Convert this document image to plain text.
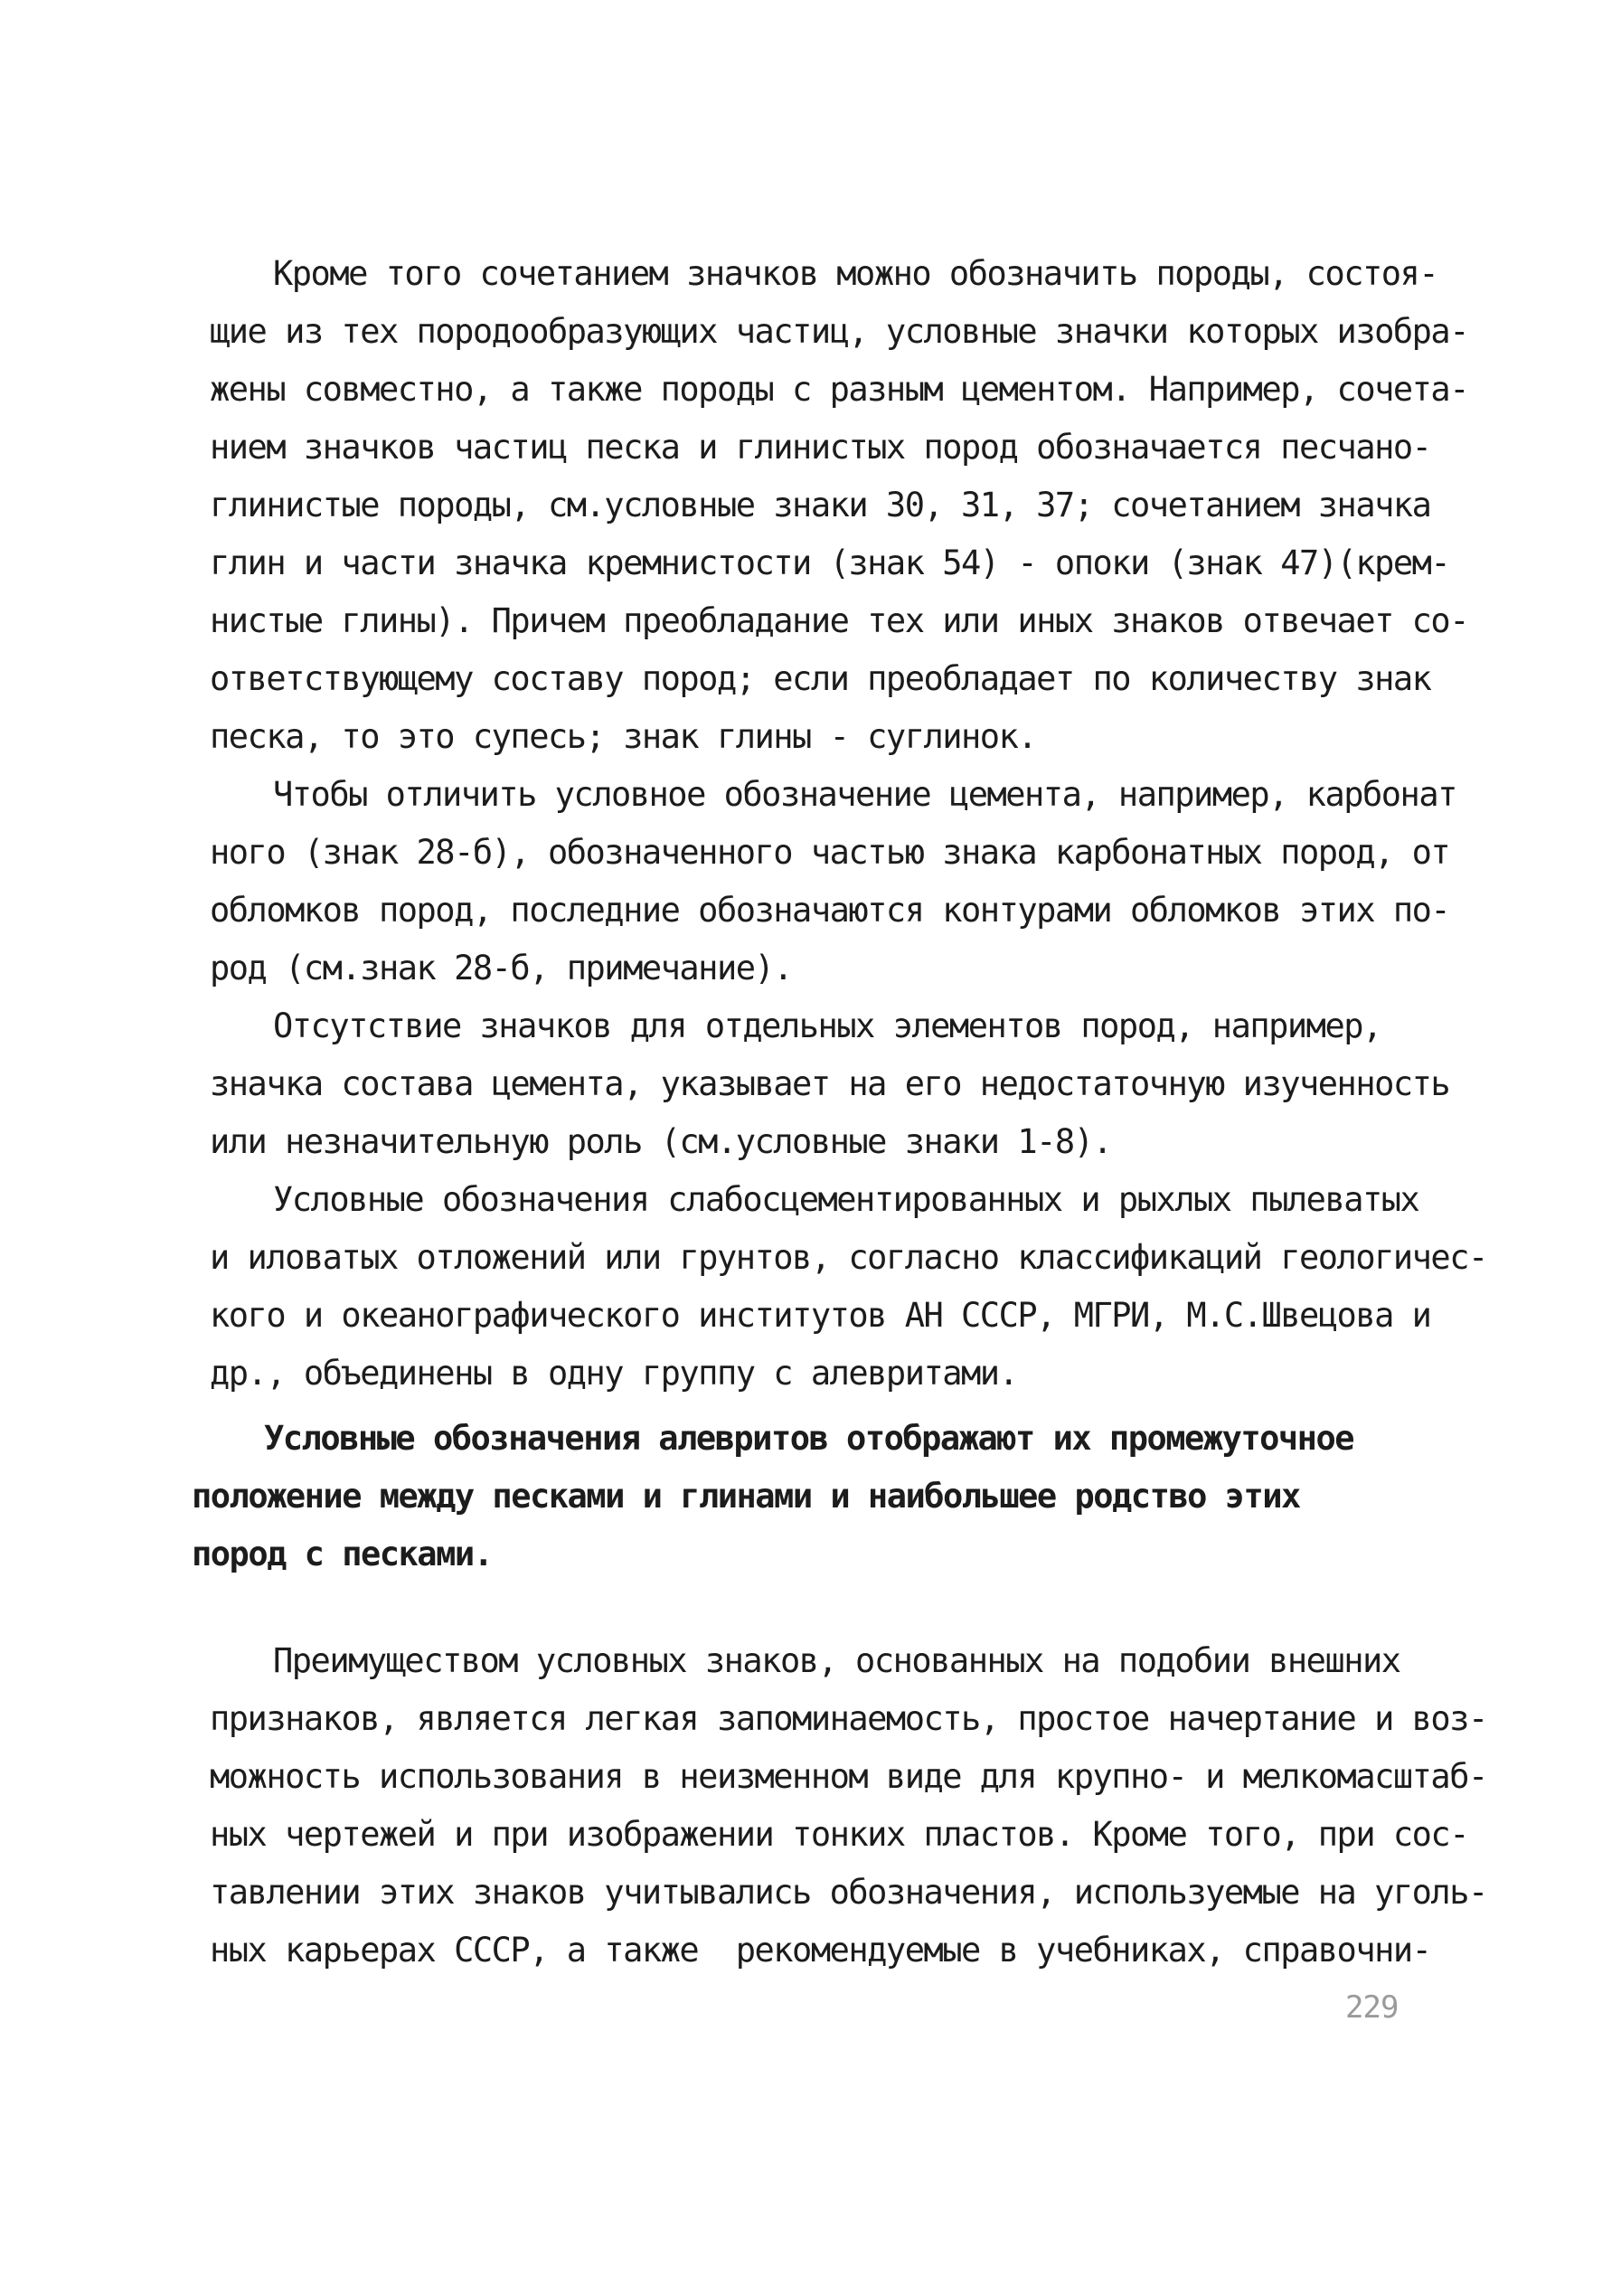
Кроме того сочетанием значков можно обозначить породы, состоя-
щие из тех породообразующих частиц, условные значки которых изобра-
жены совместно, а также породы с разным цементом. Например, сочета-
нием значков частиц песка и глинистых пород обозначается песчано-
глинистые породы, см.условные знаки 30, 31, 37; сочетанием значка
глин и части значка кремнистости (знак 54) - опоки (знак 47)(крем-
нистые глины). Причем преобладание тех или иных знаков отвечает со-
ответствующему составу пород; если преобладает по количеству знак
песка, то это супесь; знак глины - суглинок.
Чтобы отличить условное обозначение цемента, например, карбонат
ного (знак 28-б), обозначенного частью знака карбонатных пород, от
обломков пород, последние обозначаются контурами обломков этих по-
род (см.знак 28-б, примечание).
Отсутствие значков для отдельных элементов пород, например,
значка состава цемента, указывает на его недостаточную изученность
или незначительную роль (см.условные знаки 1-8).
Условные обозначения слабосцементированных и рыхлых пылеватых
и иловатых отложений или грунтов, согласно классификаций геологичес-
кого и океанографического институтов АН СССР, МГРИ, М.С.Швецова и
др., объединены в одну группу с алевритами.
Условные обозначения алевритов отображают их промежуточное
положение между песками и глинами и наибольшее родство этих
пород с песками.
Преимуществом условных знаков, основанных на подобии внешних
признаков, является легкая запоминаемость, простое начертание и воз-
можность использования в неизменном виде для крупно- и мелкомасштаб-
ных чертежей и при изображении тонких пластов. Кроме того, при сос-
тавлении этих знаков учитывались обозначения, используемые на уголь-
ных карьерах СССР, а также  рекомендуемые в учебниках, справочни-
229
